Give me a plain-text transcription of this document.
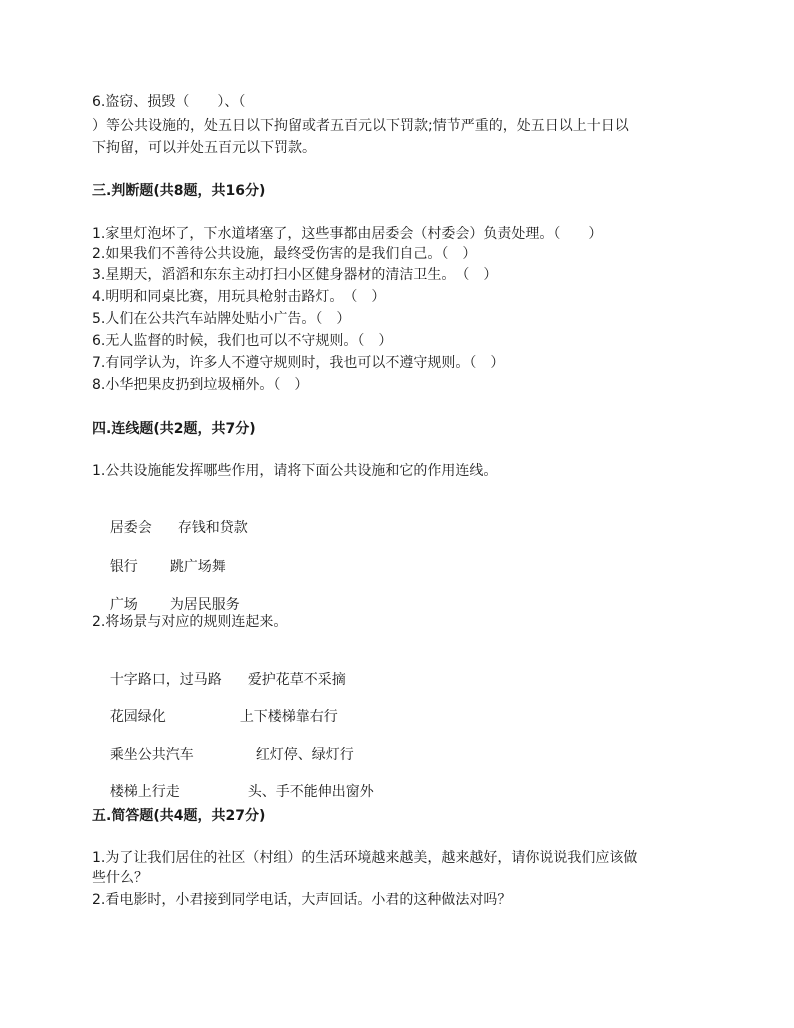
6.盗窃、损毁（　　）、（
）等公共设施的，处五日以下拘留或者五百元以下罚款;情节严重的，处五日以上十日以
下拘留，可以并处五百元以下罚款。
三.判断题(共8题，共16分)
1.家里灯泡坏了，下水道堵塞了，这些事都由居委会（村委会）负责处理。（　　）
2.如果我们不善待公共设施，最终受伤害的是我们自己。（　）
3.星期天，滔滔和东东主动打扫小区健身器材的清洁卫生。　（　）
4.明明和同桌比赛，用玩具枪射击路灯。　（　）
5.人们在公共汽车站牌处贴小广告。（　）
6.无人监督的时候，我们也可以不守规则。（　）
7.有同学认为，许多人不遵守规则时，我也可以不遵守规则。（　）
8.小华把果皮扔到垃圾桶外。（　）
四.连线题(共2题，共7分)
1.公共设施能发挥哪些作用，请将下面公共设施和它的作用连线。

居委会 存钱和贷款

银行 跳广场舞

广场 为居民服务

2.将场景与对应的规则连起来。

十字路口，过马路 爱护花草不采摘

花园绿化	上下楼梯靠右行

乘坐公共汽车	红灯停、绿灯行

楼梯上行走	头、手不能伸出窗外

五.简答题(共4题，共27分)
1.为了让我们居住的社区（村组）的生活环境越来越美，越来越好，请你说说我们应该做
些什么？
2.看电影时，小君接到同学电话，大声回话。小君的这种做法对吗？
